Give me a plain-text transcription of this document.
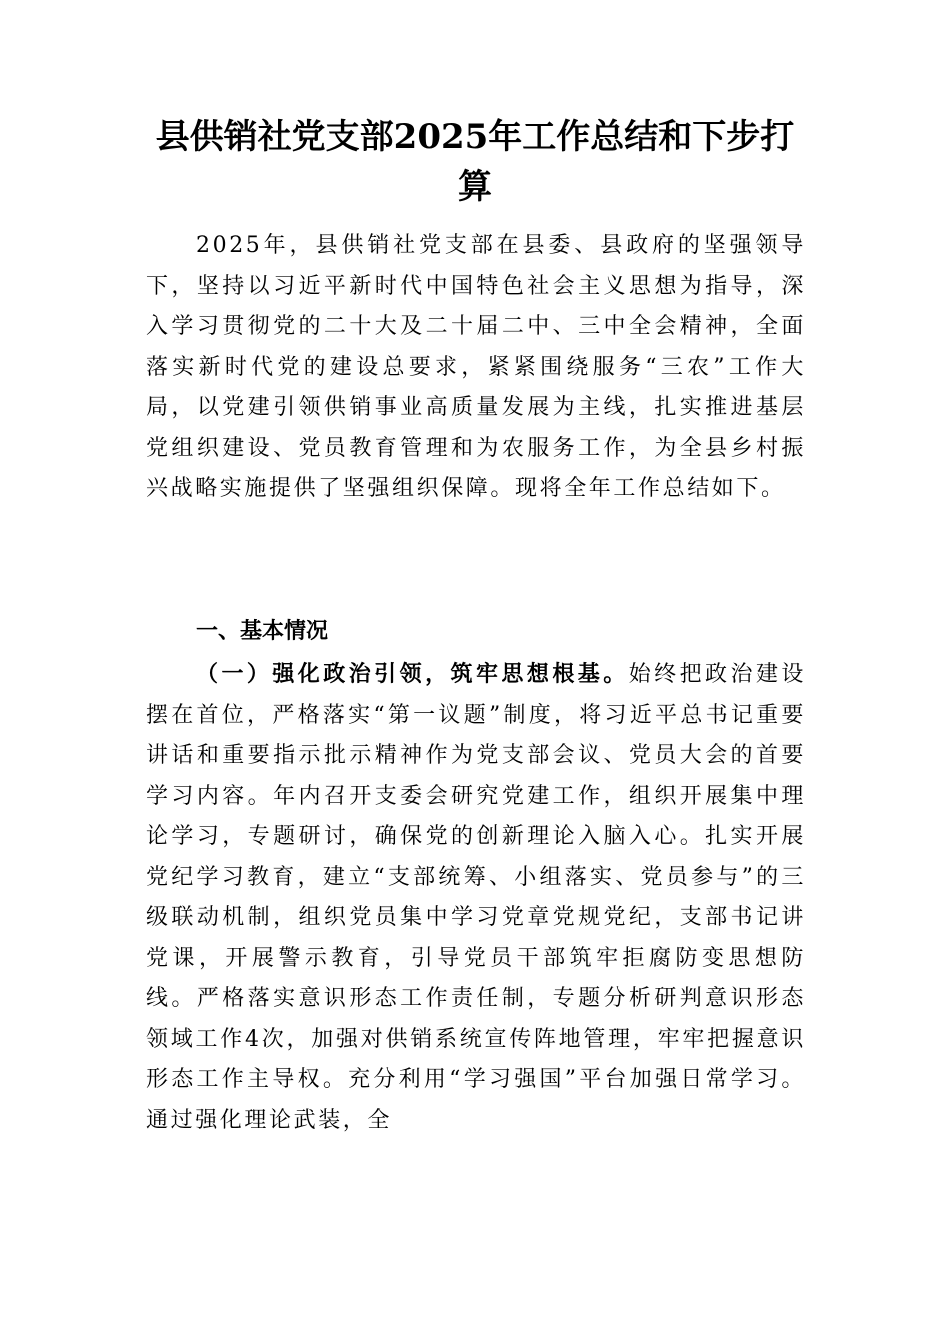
县供销社党支部2025年工作总结和下步打算

2025年，县供销社党支部在县委、县政府的坚强领导下，坚持以习近平新时代中国特色社会主义思想为指导，深入学习贯彻党的二十大及二十届二中、三中全会精神，全面落实新时代党的建设总要求，紧紧围绕服务“三农”工作大局，以党建引领供销事业高质量发展为主线，扎实推进基层党组织建设、党员教育管理和为农服务工作，为全县乡村振兴战略实施提供了坚强组织保障。现将全年工作总结如下。

一、基本情况

（一）强化政治引领，筑牢思想根基。始终把政治建设摆在首位，严格落实“第一议题”制度，将习近平总书记重要讲话和重要指示批示精神作为党支部会议、党员大会的首要学习内容。年内召开支委会研究党建工作，组织开展集中理论学习，专题研讨，确保党的创新理论入脑入心。扎实开展党纪学习教育，建立“支部统筹、小组落实、党员参与”的三级联动机制，组织党员集中学习党章党规党纪，支部书记讲党课，开展警示教育，引导党员干部筑牢拒腐防变思想防线。严格落实意识形态工作责任制，专题分析研判意识形态领域工作4次，加强对供销系统宣传阵地管理，牢牢把握意识形态工作主导权。充分利用“学习强国”平台加强日常学习。通过强化理论武装，全
